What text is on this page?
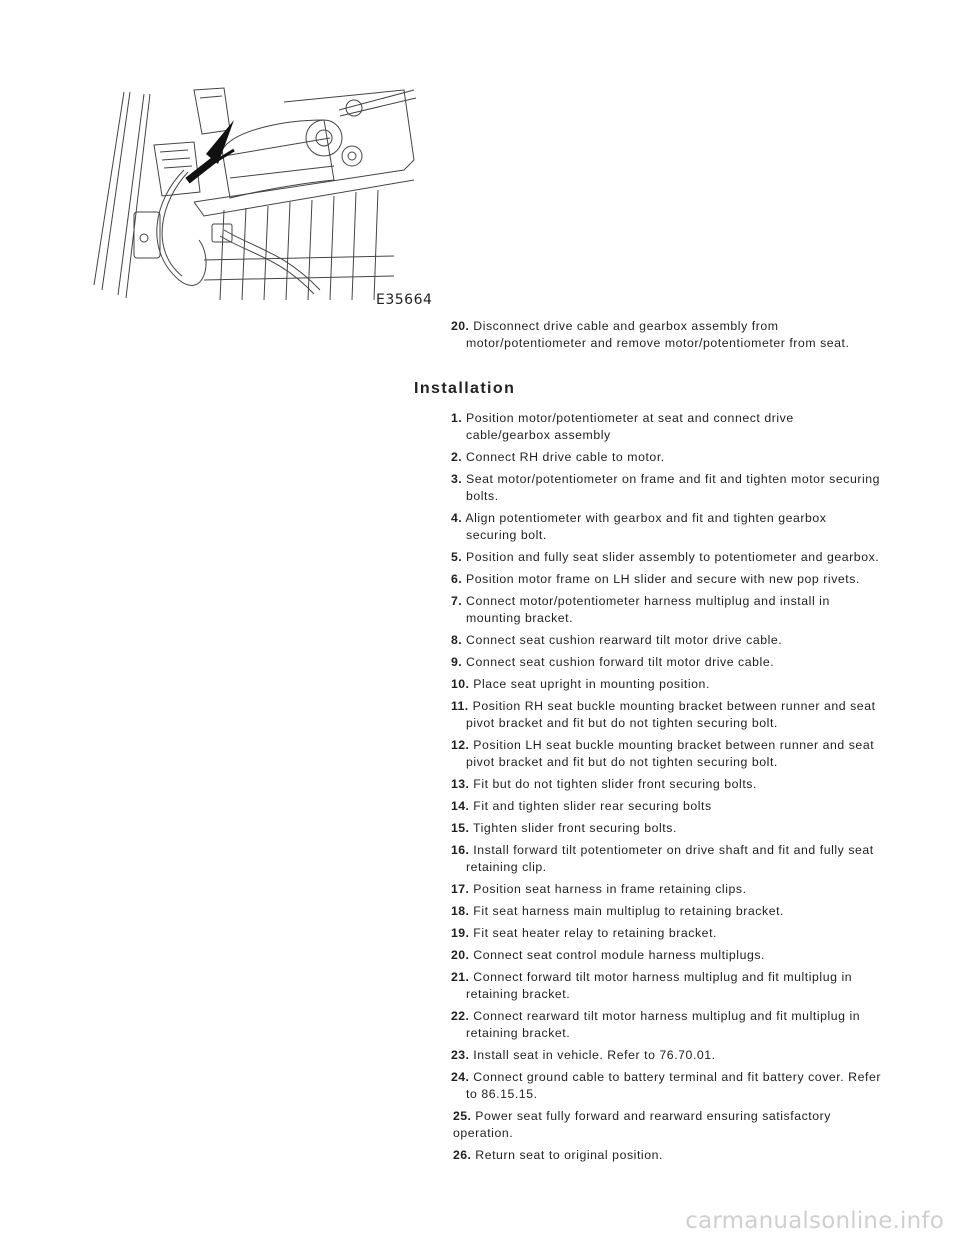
E35664

20. Disconnect drive cable and gearbox assembly from motor/potentiometer and remove motor/potentiometer from seat.

Installation

1. Position motor/potentiometer at seat and connect drive cable/gearbox assembly

2. Connect RH drive cable to motor.

3. Seat motor/potentiometer on frame and fit and tighten motor securing bolts.

4. Align potentiometer with gearbox and fit and tighten gearbox securing bolt.

5. Position and fully seat slider assembly to potentiometer and gearbox.

6. Position motor frame on LH slider and secure with new pop rivets.

7. Connect motor/potentiometer harness multiplug and install in mounting bracket.

8. Connect seat cushion rearward tilt motor drive cable.

9. Connect seat cushion forward tilt motor drive cable.

10. Place seat upright in mounting position.

11. Position RH seat buckle mounting bracket between runner and seat pivot bracket and fit but do not tighten securing bolt.

12. Position LH seat buckle mounting bracket between runner and seat pivot bracket and fit but do not tighten securing bolt.

13. Fit but do not tighten slider front securing bolts.

14. Fit and tighten slider rear securing bolts

15. Tighten slider front securing bolts.

16. Install forward tilt potentiometer on drive shaft and fit and fully seat retaining clip.

17. Position seat harness in frame retaining clips.

18. Fit seat harness main multiplug to retaining bracket.

19. Fit seat heater relay to retaining bracket.

20. Connect seat control module harness multiplugs.

21. Connect forward tilt motor harness multiplug and fit multiplug in retaining bracket.

22. Connect rearward tilt motor harness multiplug and fit multiplug in retaining bracket.

23. Install seat in vehicle. Refer to 76.70.01.

24. Connect ground cable to battery terminal and fit battery cover. Refer to 86.15.15.

25. Power seat fully forward and rearward ensuring satisfactory operation.

26. Return seat to original position.

carmanualsonline.info
